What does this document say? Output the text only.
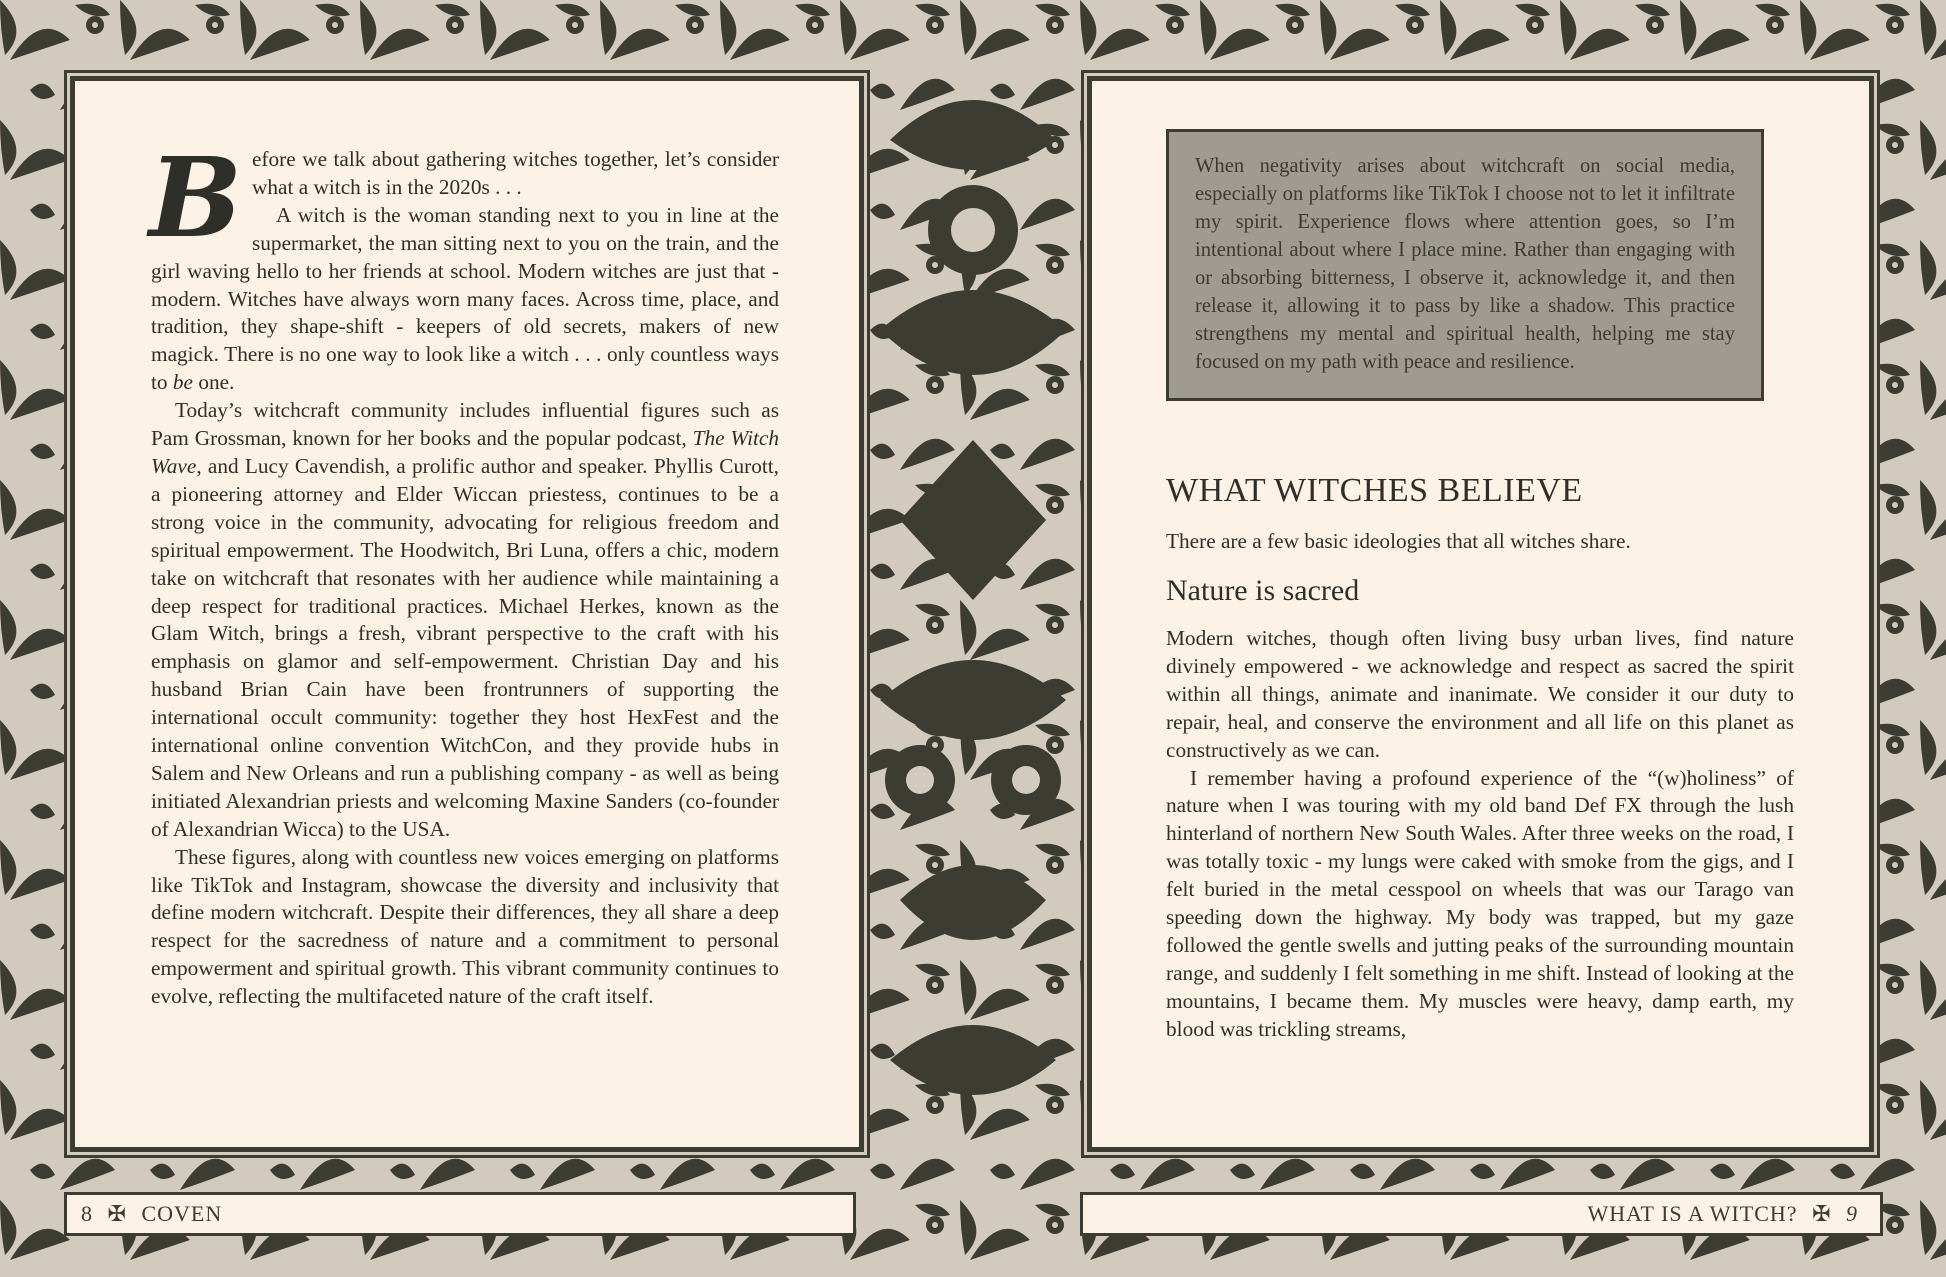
B efore we talk about gathering witches together, let’s consider what a witch is in the 2020s . . .

A witch is the woman standing next to you in line at the supermarket, the man sitting next to you on the train, and the girl waving hello to her friends at school. Modern witches are just that - modern. Witches have always worn many faces. Across time, place, and tradition, they shape-shift - keepers of old secrets, makers of new magick. There is no one way to look like a witch . . . only countless ways to be one.

Today’s witchcraft community includes influential figures such as Pam Grossman, known for her books and the popular podcast, The Witch Wave, and Lucy Cavendish, a prolific author and speaker. Phyllis Curott, a pioneering attorney and Elder Wiccan priestess, continues to be a strong voice in the community, advocating for religious freedom and spiritual empowerment. The Hoodwitch, Bri Luna, offers a chic, modern take on witchcraft that resonates with her audience while maintaining a deep respect for traditional practices. Michael Herkes, known as the Glam Witch, brings a fresh, vibrant perspective to the craft with his emphasis on glamor and self-empowerment. Christian Day and his husband Brian Cain have been frontrunners of supporting the international occult community: together they host HexFest and the international online convention WitchCon, and they provide hubs in Salem and New Orleans and run a publishing company - as well as being initiated Alexandrian priests and welcoming Maxine Sanders (co-founder of Alexandrian Wicca) to the USA.

These figures, along with countless new voices emerging on platforms like TikTok and Instagram, showcase the diversity and inclusivity that define modern witchcraft. Despite their differences, they all share a deep respect for the sacredness of nature and a commitment to personal empowerment and spiritual growth. This vibrant community continues to evolve, reflecting the multifaceted nature of the craft itself.

When negativity arises about witchcraft on social media, especially on platforms like TikTok I choose not to let it infiltrate my spirit. Experience flows where attention goes, so I’m intentional about where I place mine. Rather than engaging with or absorbing bitterness, I observe it, acknowledge it, and then release it, allowing it to pass by like a shadow. This practice strengthens my mental and spiritual health, helping me stay focused on my path with peace and resilience.
WHAT WITCHES BELIEVE
There are a few basic ideologies that all witches share.
Nature is sacred

Modern witches, though often living busy urban lives, find nature divinely empowered - we acknowledge and respect as sacred the spirit within all things, animate and inanimate. We consider it our duty to repair, heal, and conserve the environment and all life on this planet as constructively as we can.

I remember having a profound experience of the “(w)holiness” of nature when I was touring with my old band Def FX through the lush hinterland of northern New South Wales. After three weeks on the road, I was totally toxic - my lungs were caked with smoke from the gigs, and I felt buried in the metal cesspool on wheels that was our Tarago van speeding down the highway. My body was trapped, but my gaze followed the gentle swells and jutting peaks of the surrounding mountain range, and suddenly I felt something in me shift. Instead of looking at the mountains, I became them. My muscles were heavy, damp earth, my blood was trickling streams,

8 ✠ COVEN	WHAT IS A WITCH? ✠ 9
